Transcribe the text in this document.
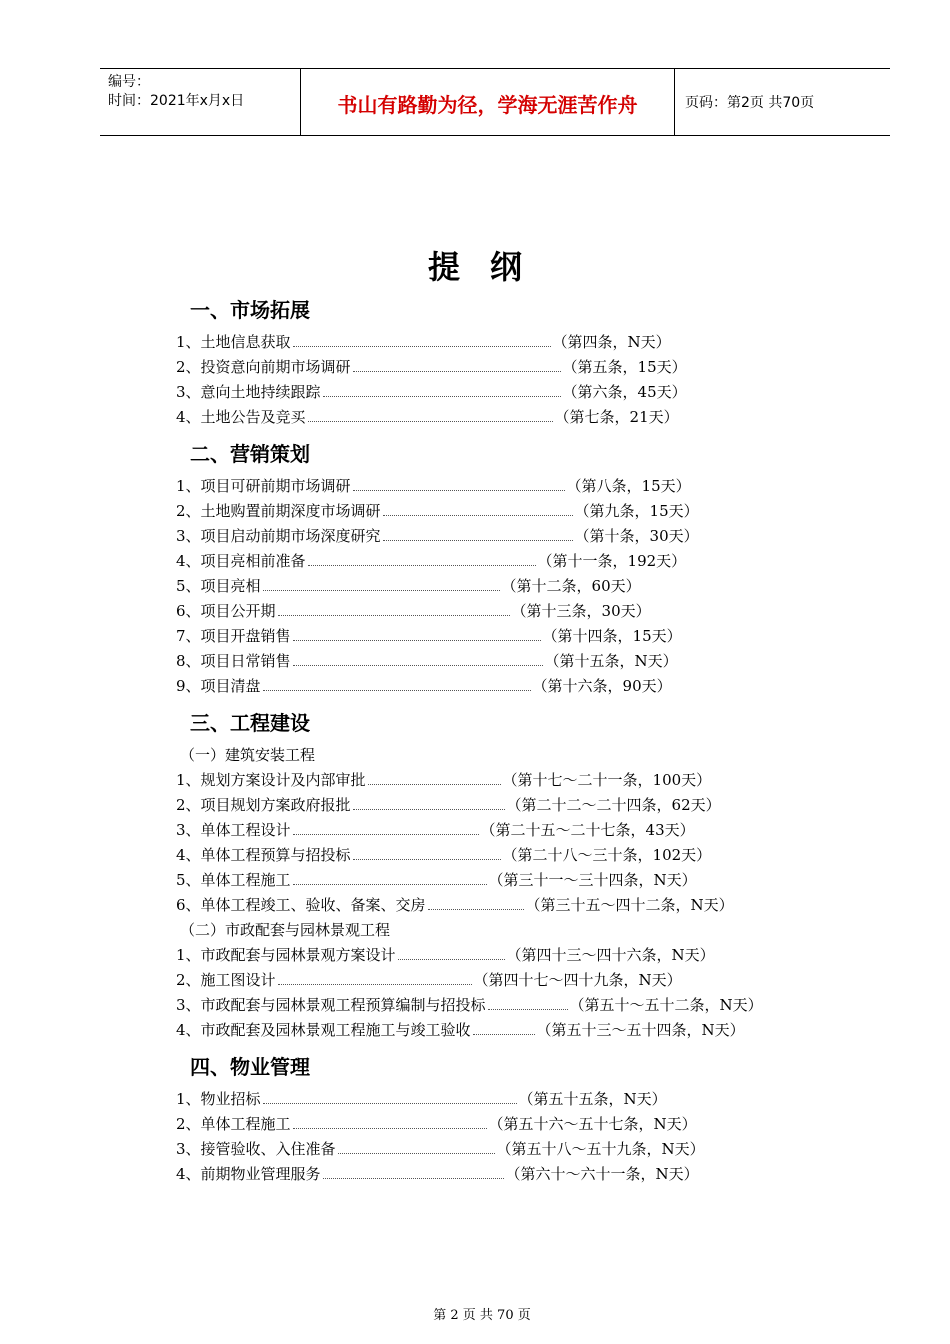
编号：
时间：2021年x月x日	书山有路勤为径，学海无涯苦作舟	页码：第2页 共70页
提纲
一、市场拓展
1、土地信息获取	（第四条，N天）
2、投资意向前期市场调研	（第五条，15天）
3、意向土地持续跟踪	（第六条，45天）
4、土地公告及竞买	（第七条，21天）
二、营销策划
1、项目可研前期市场调研	（第八条，15天）
2、土地购置前期深度市场调研	（第九条，15天）
3、项目启动前期市场深度研究	（第十条，30天）
4、项目亮相前准备	（第十一条，192天）
5、项目亮相	（第十二条，60天）
6、项目公开期	（第十三条，30天）
7、项目开盘销售	（第十四条，15天）
8、项目日常销售	（第十五条，N天）
9、项目清盘	（第十六条，90天）
三、工程建设
（一）建筑安装工程
1、规划方案设计及内部审批	（第十七～二十一条，100天）
2、项目规划方案政府报批	（第二十二～二十四条，62天）
3、单体工程设计	（第二十五～二十七条，43天）
4、单体工程预算与招投标	（第二十八～三十条，102天）
5、单体工程施工	（第三十一～三十四条，N天）
6、单体工程竣工、验收、备案、交房	（第三十五～四十二条，N天）
（二）市政配套与园林景观工程
1、市政配套与园林景观方案设计	（第四十三～四十六条，N天）
2、施工图设计	（第四十七～四十九条，N天）
3、市政配套与园林景观工程预算编制与招投标	（第五十～五十二条，N天）
4、市政配套及园林景观工程施工与竣工验收	（第五十三～五十四条，N天）
四、物业管理
1、物业招标	（第五十五条，N天）
2、单体工程施工	（第五十六～五十七条，N天）
3、接管验收、入住准备	（第五十八～五十九条，N天）
4、前期物业管理服务	（第六十～六十一条，N天）
第 2 页 共 70 页
